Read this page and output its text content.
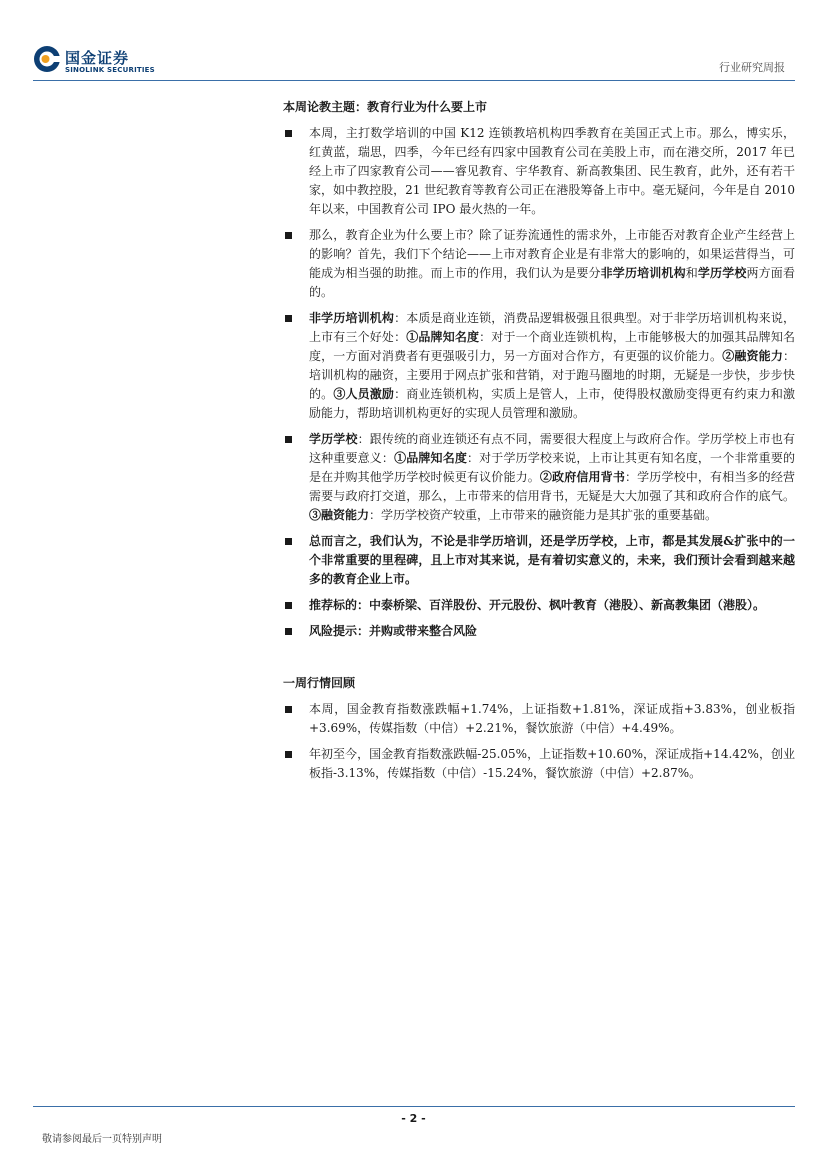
国金证券
SINOLINK SECURITIES	行业研究周报
本周论教主题：教育行业为什么要上市
本周，主打数学培训的中国 K12 连锁教培机构四季教育在美国正式上市。那么，博实乐，红黄蓝，瑞思，四季，今年已经有四家中国教育公司在美股上市，而在港交所，2017 年已经上市了四家教育公司——睿见教育、宇华教育、新高教集团、民生教育，此外，还有若干家，如中教控股，21 世纪教育等教育公司正在港股筹备上市中。毫无疑问，今年是自 2010 年以来，中国教育公司 IPO 最火热的一年。
那么，教育企业为什么要上市？除了证券流通性的需求外，上市能否对教育企业产生经营上的影响？首先，我们下个结论——上市对教育企业是有非常大的影响的，如果运营得当，可能成为相当强的助推。而上市的作用，我们认为是要分非学历培训机构和学历学校两方面看的。
非学历培训机构：本质是商业连锁，消费品逻辑极强且很典型。对于非学历培训机构来说，上市有三个好处：①品牌知名度：对于一个商业连锁机构，上市能够极大的加强其品牌知名度，一方面对消费者有更强吸引力，另一方面对合作方，有更强的议价能力。②融资能力：培训机构的融资，主要用于网点扩张和营销，对于跑马圈地的时期，无疑是一步快，步步快的。③人员激励：商业连锁机构，实质上是管人，上市，使得股权激励变得更有约束力和激励能力，帮助培训机构更好的实现人员管理和激励。
学历学校：跟传统的商业连锁还有点不同，需要很大程度上与政府合作。学历学校上市也有这种重要意义：①品牌知名度：对于学历学校来说，上市让其更有知名度，一个非常重要的是在并购其他学历学校时候更有议价能力。②政府信用背书：学历学校中，有相当多的经营需要与政府打交道，那么，上市带来的信用背书，无疑是大大加强了其和政府合作的底气。③融资能力：学历学校资产较重，上市带来的融资能力是其扩张的重要基础。
总而言之，我们认为，不论是非学历培训，还是学历学校，上市，都是其发展&扩张中的一个非常重要的里程碑，且上市对其来说，是有着切实意义的，未来，我们预计会看到越来越多的教育企业上市。
推荐标的：中泰桥梁、百洋股份、开元股份、枫叶教育（港股）、新高教集团（港股）。
风险提示：并购或带来整合风险
一周行情回顾
本周，国金教育指数涨跌幅+1.74%，上证指数+1.81%，深证成指+3.83%，创业板指+3.69%，传媒指数（中信）+2.21%，餐饮旅游（中信）+4.49%。
年初至今，国金教育指数涨跌幅-25.05%，上证指数+10.60%，深证成指+14.42%，创业板指-3.13%，传媒指数（中信）-15.24%，餐饮旅游（中信）+2.87%。
- 2 -
敬请参阅最后一页特别声明
